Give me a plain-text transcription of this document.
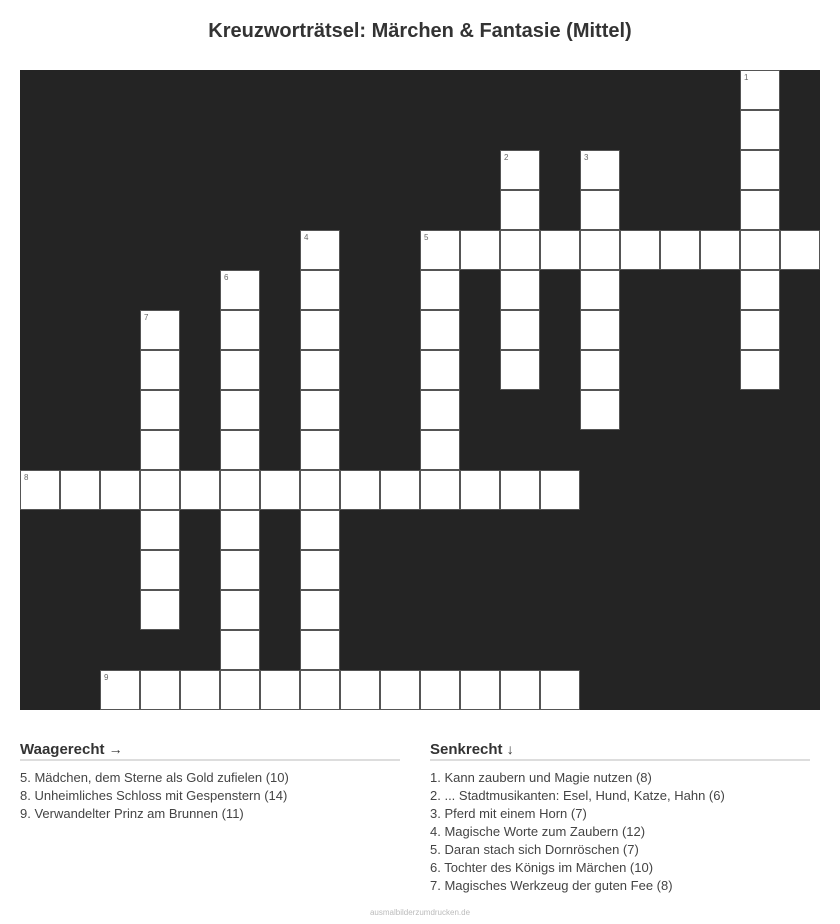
Kreuzworträtsel: Märchen & Fantasie (Mittel)
5
8
9
1
2	3
4
6
7
Waagerecht →
5. Mädchen, dem Sterne als Gold zufielen (10)
8. Unheimliches Schloss mit Gespenstern (14)
9. Verwandelter Prinz am Brunnen (11)
Senkrecht ↓
1. Kann zaubern und Magie nutzen (8)
2. ... Stadtmusikanten: Esel, Hund, Katze, Hahn (6)
3. Pferd mit einem Horn (7)
4. Magische Worte zum Zaubern (12)
5. Daran stach sich Dornröschen (7)
6. Tochter des Königs im Märchen (10)
7. Magisches Werkzeug der guten Fee (8)
ausmalbilderzumdrucken.de
